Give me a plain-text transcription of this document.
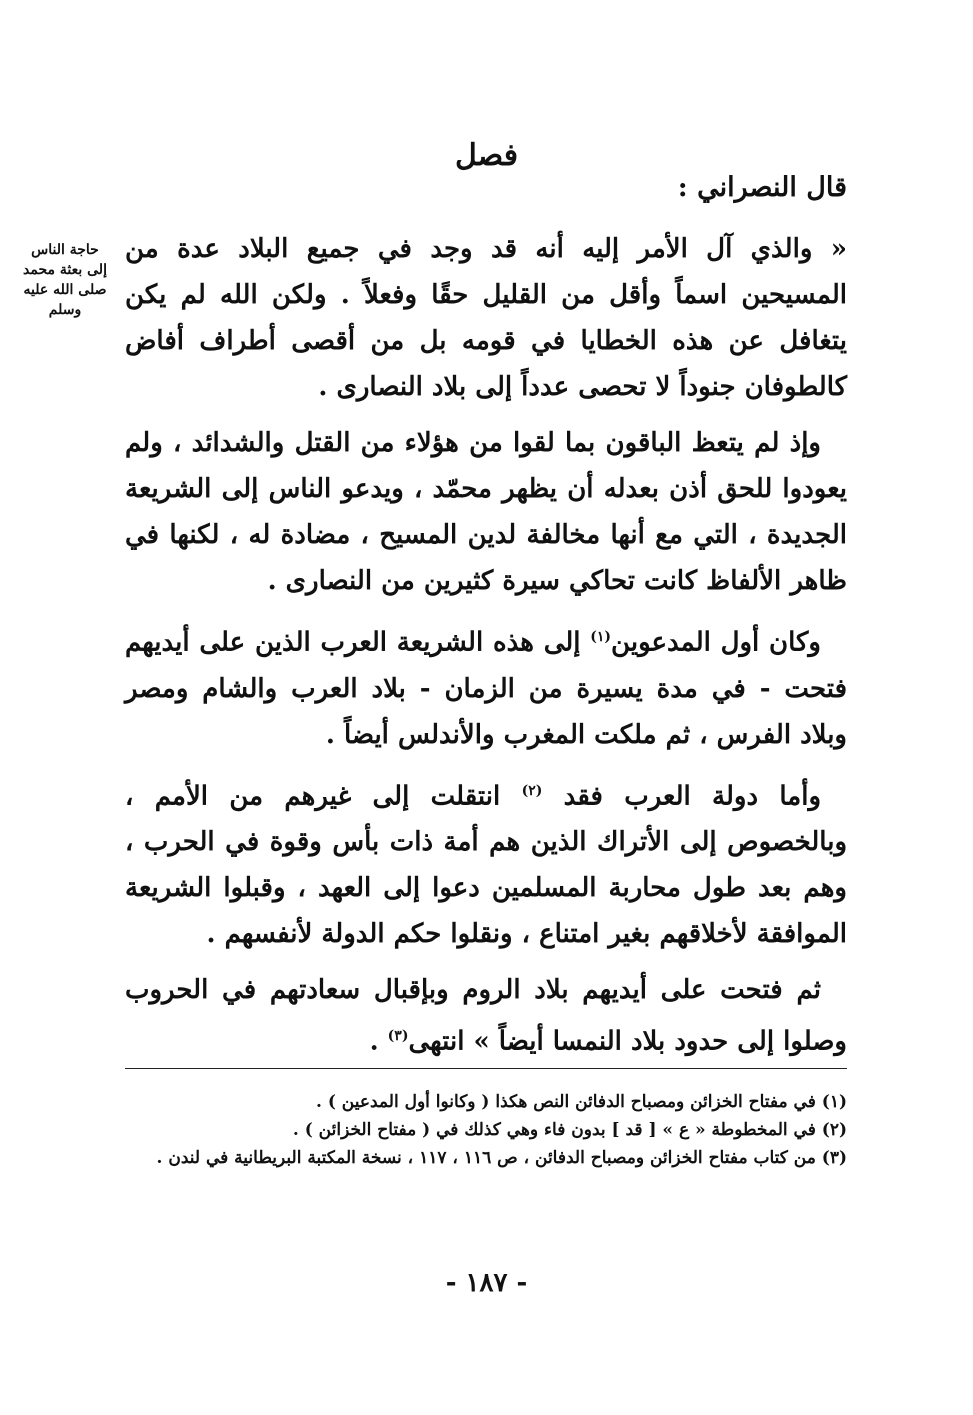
فصل

قال النصراني :

حاجة الناس إلى بعثة محمد صلى الله عليه وسلم

« والذي آل الأمر إليه أنه قد وجد في جميع البلاد عدة من المسيحين اسماً وأقل من القليل حقًا وفعلاً . ولكن الله لم يكن يتغافل عن هذه الخطايا في قومه بل من أقصى أطراف أفاض كالطوفان جنوداً لا تحصى عدداً إلى بلاد النصارى .

وإذ لم يتعظ الباقون بما لقوا من هؤلاء من القتل والشدائد ، ولم يعودوا للحق أذن بعدله أن يظهر محمّد ، ويدعو الناس إلى الشريعة الجديدة ، التي مع أنها مخالفة لدين المسيح ، مضادة له ، لكنها في ظاهر الألفاظ كانت تحاكي سيرة كثيرين من النصارى .

وكان أول المدعوين$^{(١)}$ إلى هذه الشريعة العرب الذين على أيديهم فتحت - في مدة يسيرة من الزمان - بلاد العرب والشام ومصر وبلاد الفرس ، ثم ملكت المغرب والأندلس أيضاً .

وأما دولة العرب فقد $^{(٢)}$ انتقلت إلى غيرهم من الأمم ، وبالخصوص إلى الأتراك الذين هم أمة ذات بأس وقوة في الحرب ، وهم بعد طول محاربة المسلمين دعوا إلى العهد ، وقبلوا الشريعة الموافقة لأخلاقهم بغير امتناع ، ونقلوا حكم الدولة لأنفسهم .

ثم فتحت على أيديهم بلاد الروم وبإقبال سعادتهم في الحروب وصلوا إلى حدود بلاد النمسا أيضاً » انتهى$^{(٣)}$ .

(١) في مفتاح الخزائن ومصباح الدفائن النص هكذا ( وكانوا أول المدعين ) .

(٢) في المخطوطة « ع » [ قد ] بدون فاء وهي كذلك في ( مفتاح الخزائن ) .

(٣) من كتاب مفتاح الخزائن ومصباح الدفائن ، ص ١١٦ ، ١١٧ ، نسخة المكتبة البريطانية في لندن .

- ١٨٧ -
